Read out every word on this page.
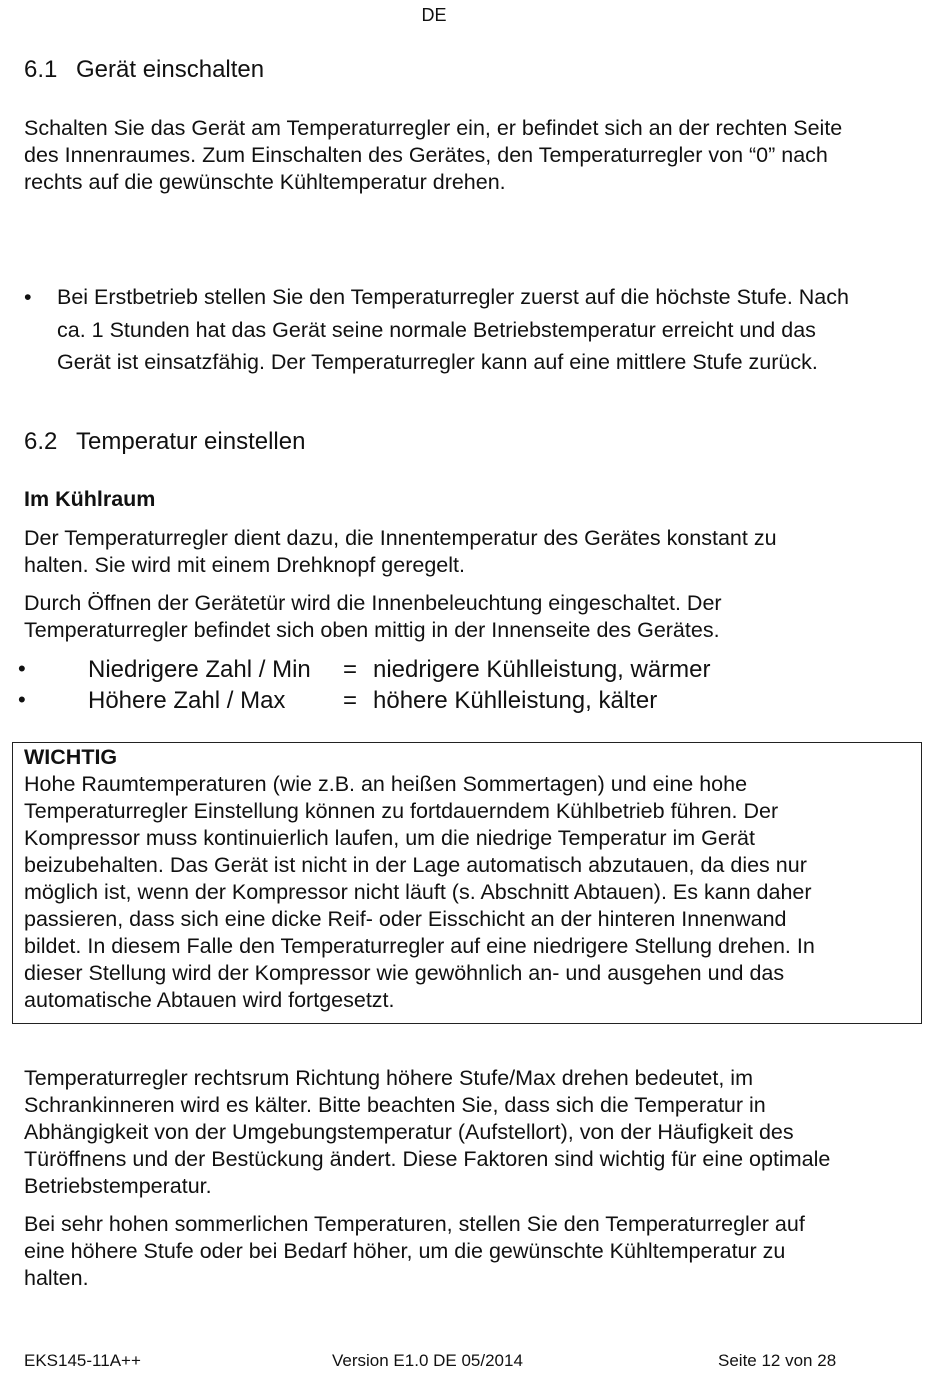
DE
6.1 Gerät einschalten
Schalten Sie das Gerät am Temperaturregler ein, er befindet sich an der rechten Seite
des Innenraumes. Zum Einschalten des Gerätes, den Temperaturregler von “0” nach
rechts auf die gewünschte Kühltemperatur drehen.
• Bei Erstbetrieb stellen Sie den Temperaturregler zuerst auf die höchste Stufe. Nach
ca. 1 Stunden hat das Gerät seine normale Betriebstemperatur erreicht und das
Gerät ist einsatzfähig. Der Temperaturregler kann auf eine mittlere Stufe zurück.
6.2 Temperatur einstellen
Im Kühlraum
Der Temperaturregler dient dazu, die Innentemperatur des Gerätes konstant zu
halten. Sie wird mit einem Drehknopf geregelt.
Durch Öffnen der Gerätetür wird die Innenbeleuchtung eingeschaltet. Der
Temperaturregler befindet sich oben mittig in der Innenseite des Gerätes.
•	Niedrigere Zahl / Min = niedrigere Kühlleistung, wärmer
•	Höhere Zahl / Max = höhere Kühlleistung, kälter
WICHTIG
Hohe Raumtemperaturen (wie z.B. an heißen Sommertagen) und eine hohe
Temperaturregler Einstellung können zu fortdauerndem Kühlbetrieb führen. Der
Kompressor muss kontinuierlich laufen, um die niedrige Temperatur im Gerät
beizubehalten. Das Gerät ist nicht in der Lage automatisch abzutauen, da dies nur
möglich ist, wenn der Kompressor nicht läuft (s. Abschnitt Abtauen). Es kann daher
passieren, dass sich eine dicke Reif- oder Eisschicht an der hinteren Innenwand
bildet. In diesem Falle den Temperaturregler auf eine niedrigere Stellung drehen. In
dieser Stellung wird der Kompressor wie gewöhnlich an- und ausgehen und das
automatische Abtauen wird fortgesetzt.
Temperaturregler rechtsrum Richtung höhere Stufe/Max drehen bedeutet, im
Schrankinneren wird es kälter. Bitte beachten Sie, dass sich die Temperatur in
Abhängigkeit von der Umgebungstemperatur (Aufstellort), von der Häufigkeit des
Türöffnens und der Bestückung ändert. Diese Faktoren sind wichtig für eine optimale
Betriebstemperatur.
Bei sehr hohen sommerlichen Temperaturen, stellen Sie den Temperaturregler auf
eine höhere Stufe oder bei Bedarf höher, um die gewünschte Kühltemperatur zu
halten.
EKS145-11A++	Version E1.0 DE 05/2014	Seite 12 von 28
